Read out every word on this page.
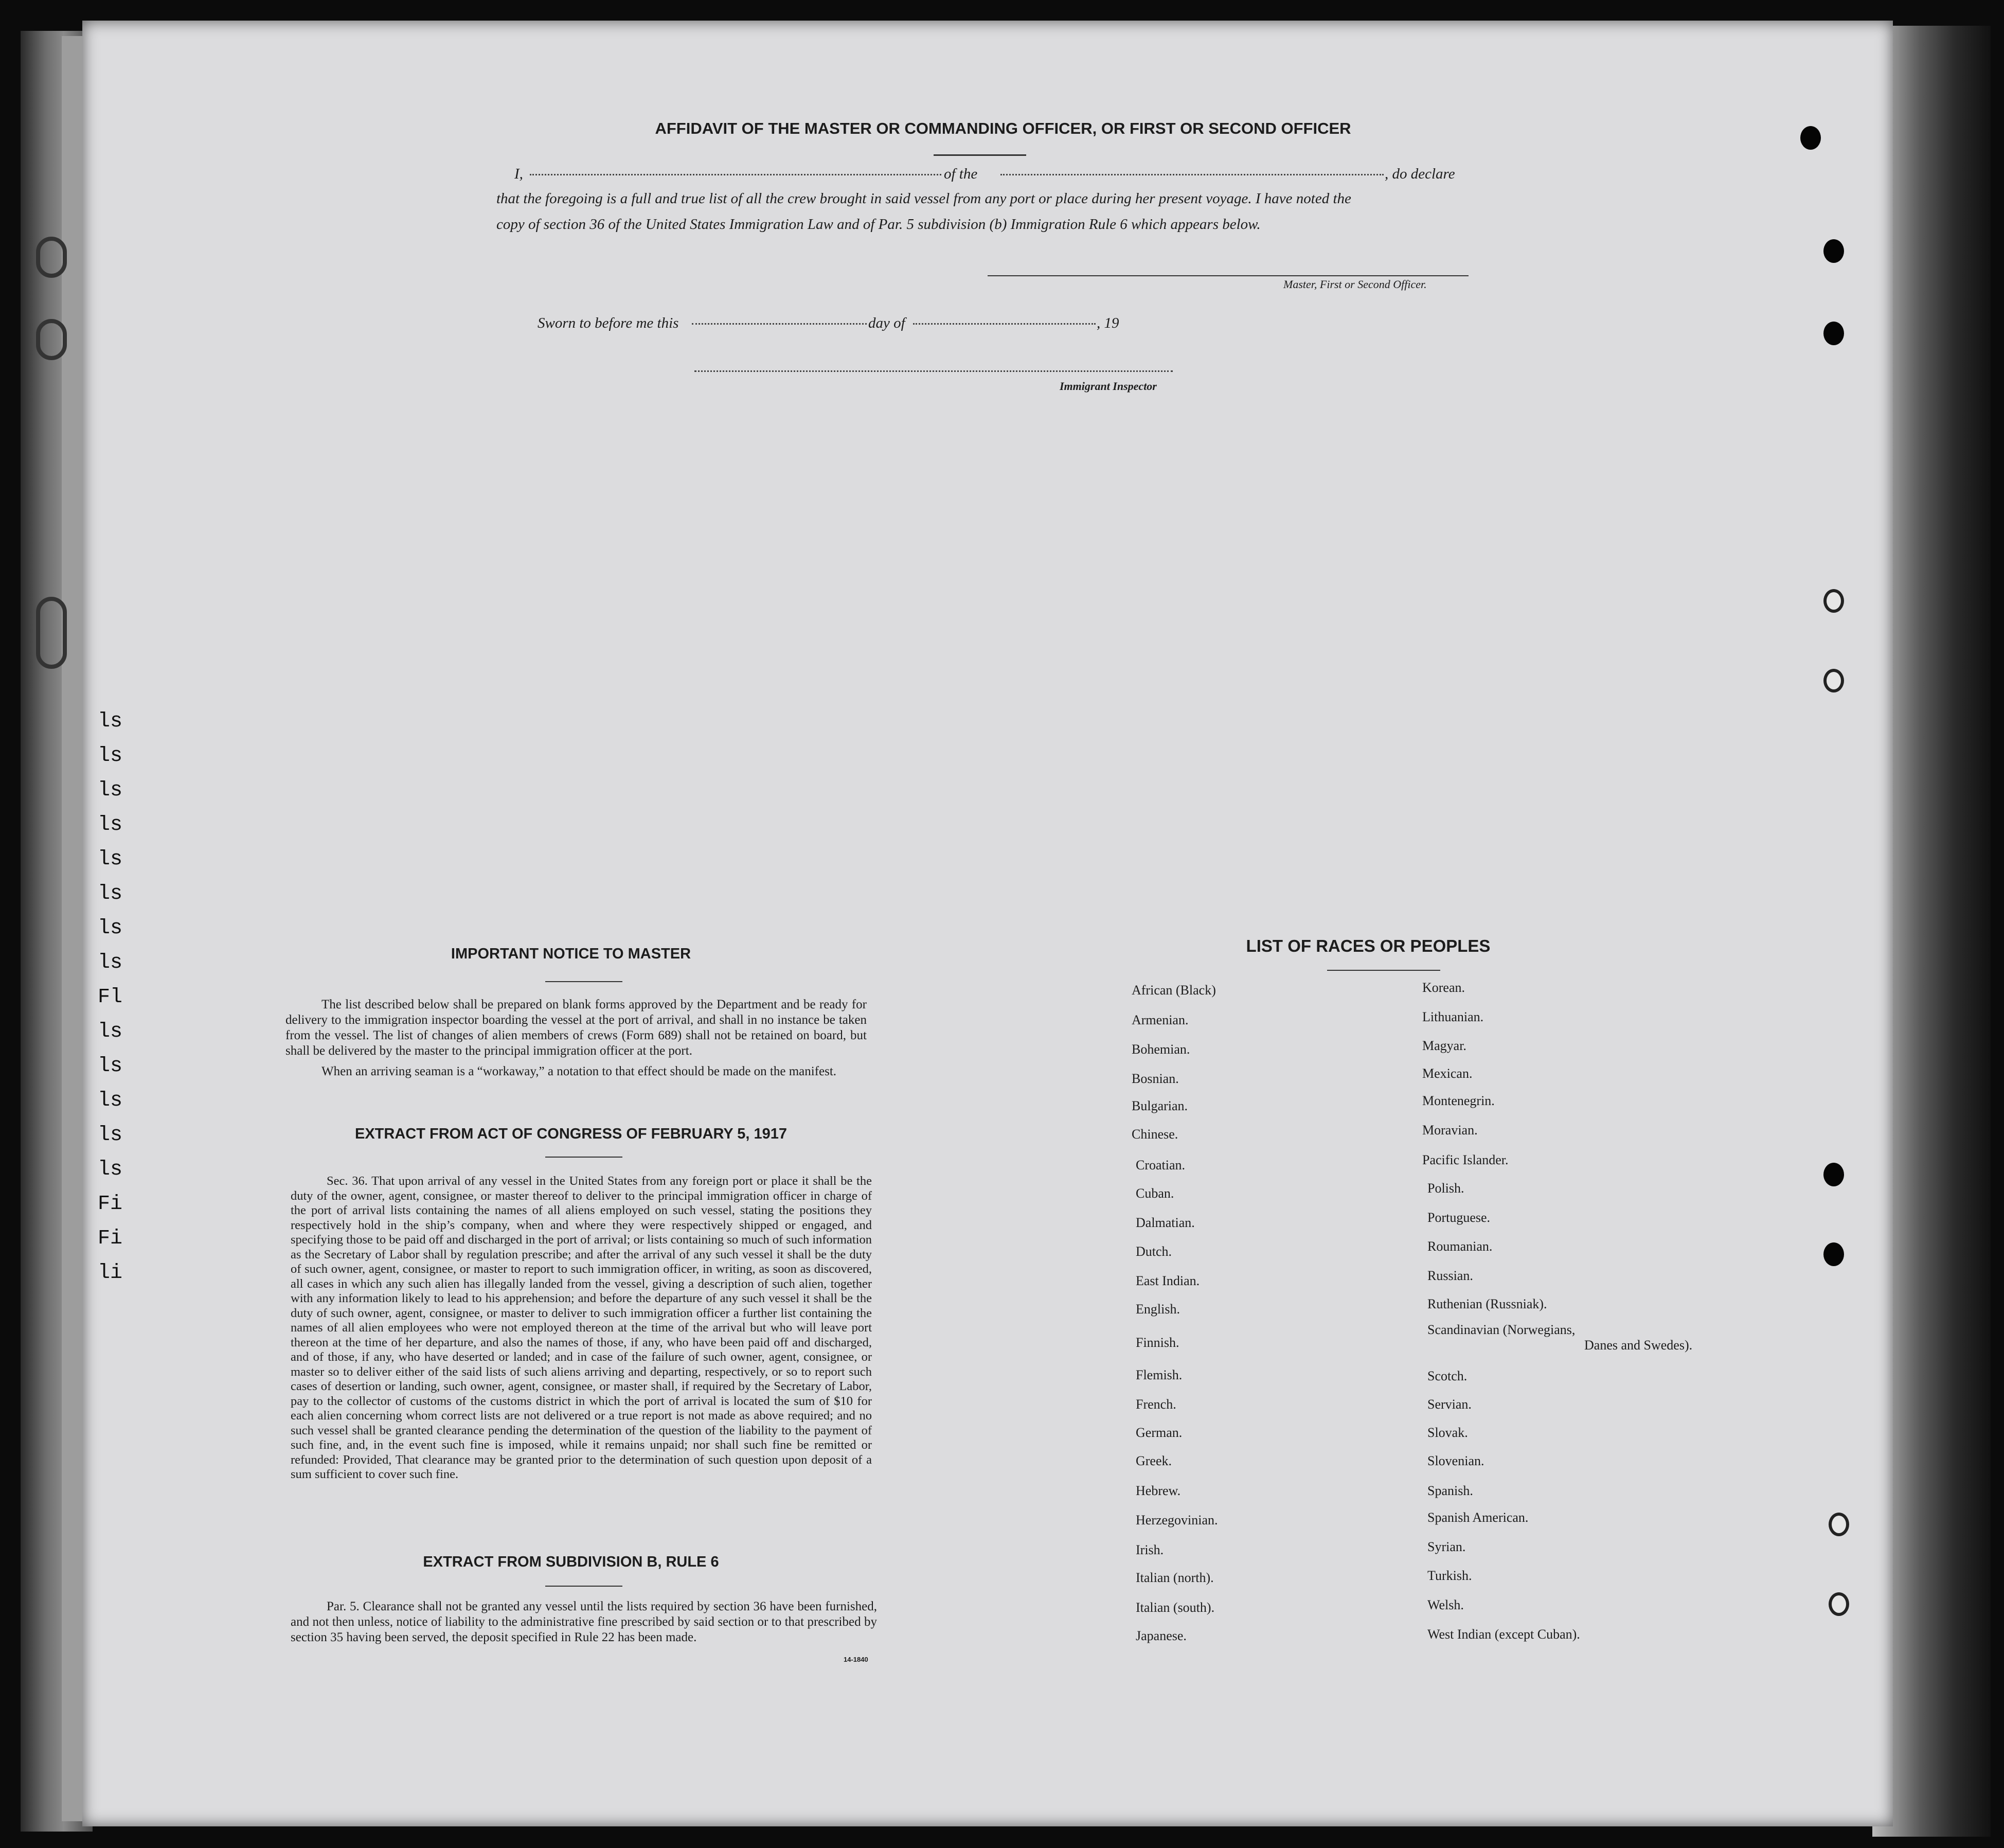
ls
ls
ls
ls
ls
ls
ls
ls
Fl
ls
ls
ls
ls
ls
Fi
Fi
li
AFFIDAVIT OF THE MASTER OR COMMANDING OFFICER, OR FIRST OR SECOND OFFICER
I,	of the	, do declare
that the foregoing is a full and true list of all the crew brought in said vessel from any port or place during her present voyage. I have noted the
copy of section 36 of the United States Immigration Law and of Par. 5 subdivision (b) Immigration Rule 6 which appears below.
Master, First or Second Officer.
Sworn to before me this	day of	, 19
Immigrant Inspector
IMPORTANT NOTICE TO MASTER
The list described below shall be prepared on blank forms approved by the Department and be ready for delivery to the immigration inspector boarding the vessel at the port of arrival, and shall in no instance be taken from the vessel. The list of changes of alien members of crews (Form 689) shall not be retained on board, but shall be delivered by the master to the principal immigration officer at the port.
When an arriving seaman is a “workaway,” a notation to that effect should be made on the manifest.
EXTRACT FROM ACT OF CONGRESS OF FEBRUARY 5, 1917
Sec. 36. That upon arrival of any vessel in the United States from any foreign port or place it shall be the duty of the owner, agent, consignee, or master thereof to deliver to the principal immigration officer in charge of the port of arrival lists containing the names of all aliens employed on such vessel, stating the positions they respectively hold in the ship’s company, when and where they were respectively shipped or engaged, and specifying those to be paid off and discharged in the port of arrival; or lists containing so much of such information as the Secretary of Labor shall by regulation prescribe; and after the arrival of any such vessel it shall be the duty of such owner, agent, consignee, or master to report to such immigration officer, in writing, as soon as discovered, all cases in which any such alien has illegally landed from the vessel, giving a description of such alien, together with any information likely to lead to his apprehension; and before the departure of any such vessel it shall be the duty of such owner, agent, consignee, or master to deliver to such immigration officer a further list containing the names of all alien employees who were not employed thereon at the time of the arrival but who will leave port thereon at the time of her departure, and also the names of those, if any, who have been paid off and discharged, and of those, if any, who have deserted or landed; and in case of the failure of such owner, agent, consignee, or master so to deliver either of the said lists of such aliens arriving and departing, respectively, or so to report such cases of desertion or landing, such owner, agent, consignee, or master shall, if required by the Secretary of Labor, pay to the collector of customs of the customs district in which the port of arrival is located the sum of $10 for each alien concerning whom correct lists are not delivered or a true report is not made as above required; and no such vessel shall be granted clearance pending the determination of the question of the liability to the payment of such fine, and, in the event such fine is imposed, while it remains unpaid; nor shall such fine be remitted or refunded: Provided, That clearance may be granted prior to the determination of such question upon deposit of a sum sufficient to cover such fine.
EXTRACT FROM SUBDIVISION B, RULE 6
Par. 5. Clearance shall not be granted any vessel until the lists required by section 36 have been furnished, and not then unless, notice of liability to the administrative fine prescribed by said section or to that prescribed by section 35 having been served, the deposit specified in Rule 22 has been made.
14-1840
LIST OF RACES OR PEOPLES
African (Black)
Armenian.
Bohemian.
Bosnian.
Bulgarian.
Chinese.
Croatian.
Cuban.
Dalmatian.
Dutch.
East Indian.
English.
Finnish.
Flemish.
French.
German.
Greek.
Hebrew.
Herzegovinian.
Irish.
Italian (north).
Italian (south).
Japanese.
Korean.
Lithuanian.
Magyar.
Mexican.
Montenegrin.
Moravian.
Pacific Islander.
Polish.
Portuguese.
Roumanian.
Russian.
Ruthenian (Russniak).
Scandinavian (Norwegians,
Danes and Swedes).
Scotch.
Servian.
Slovak.
Slovenian.
Spanish.
Spanish American.
Syrian.
Turkish.
Welsh.
West Indian (except Cuban).
